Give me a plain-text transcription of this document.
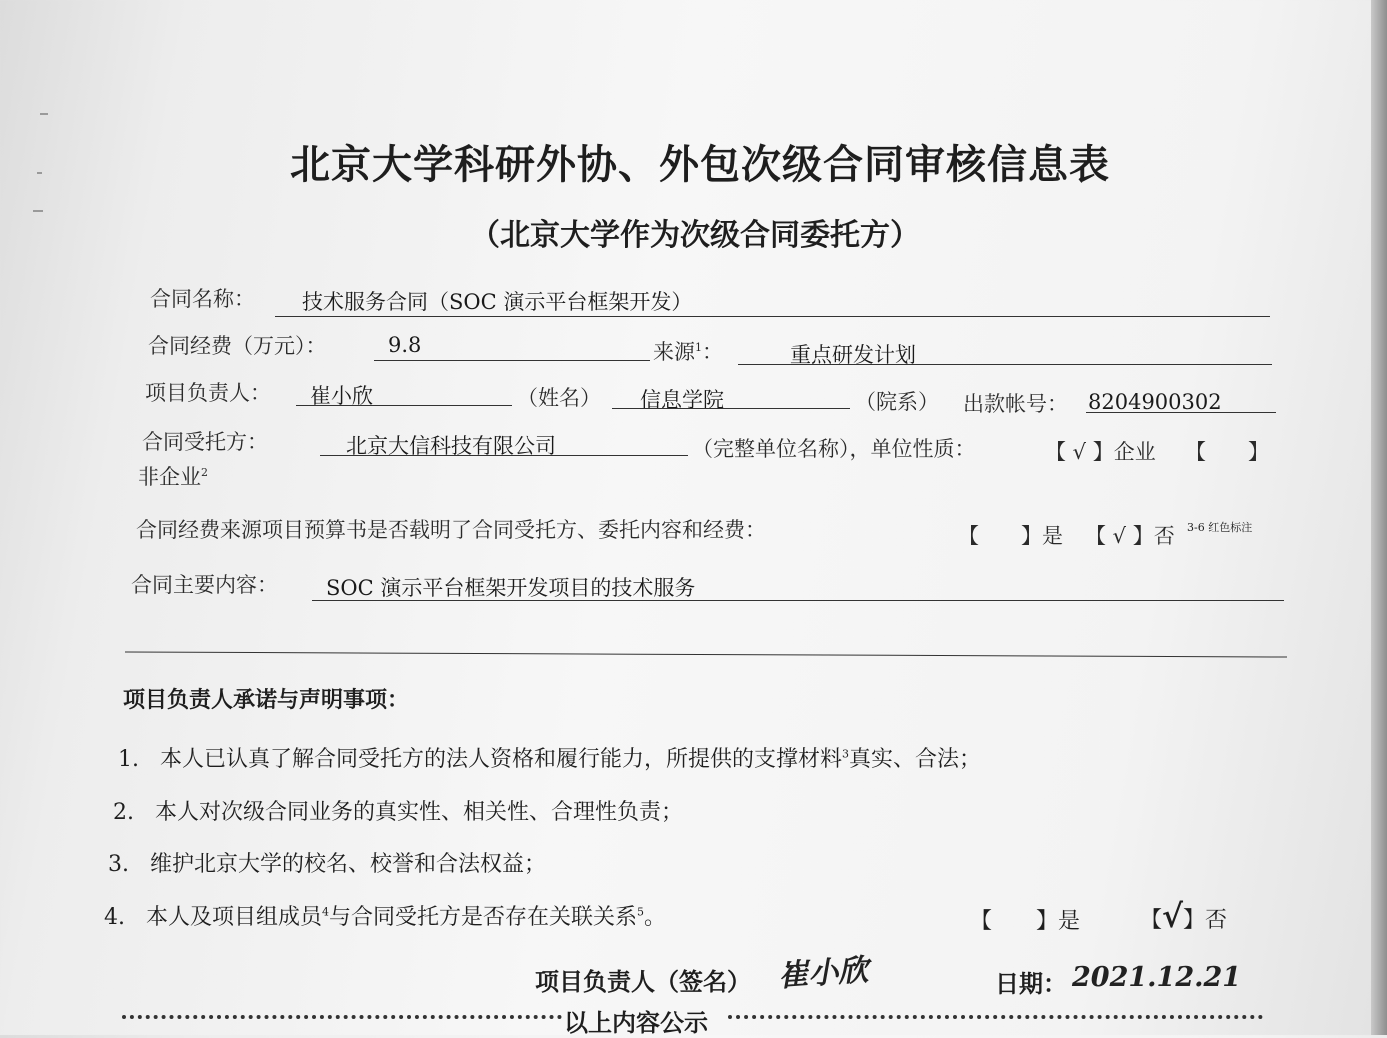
北京大学科研外协、外包次级合同审核信息表
（北京大学作为次级合同委托方）
合同名称： 技术服务合同（SOC 演示平台框架开发）
合同经费（万元）：	9.8	来源$^1$：	重点研发计划
项目负责人： 崔小欣	（姓名） 信息学院	（院系） 出款帐号： 8204900302
合同受托方：	北京大信科技有限公司	（完整单位名称），单位性质：	【 √ 】企业 【　　】
非企业$^2$
合同经费来源项目预算书是否载明了合同受托方、委托内容和经费：	【　　】是 【 √ 】否 3-6 红色标注
合同主要内容： SOC 演示平台框架开发项目的技术服务
项目负责人承诺与声明事项：
1. 本人已认真了解合同受托方的法人资格和履行能力，所提供的支撑材料$^3$真实、合法；
2. 本人对次级合同业务的真实性、相关性、合理性负责；
3. 维护北京大学的校名、校誉和合法权益；
4. 本人及项目组成员$^4$与合同受托方是否存在关联关系$^5$。	【　　】是	【√】否
项目负责人（签名） 崔小欣	日期： 2021.12.21
以上内容公示
